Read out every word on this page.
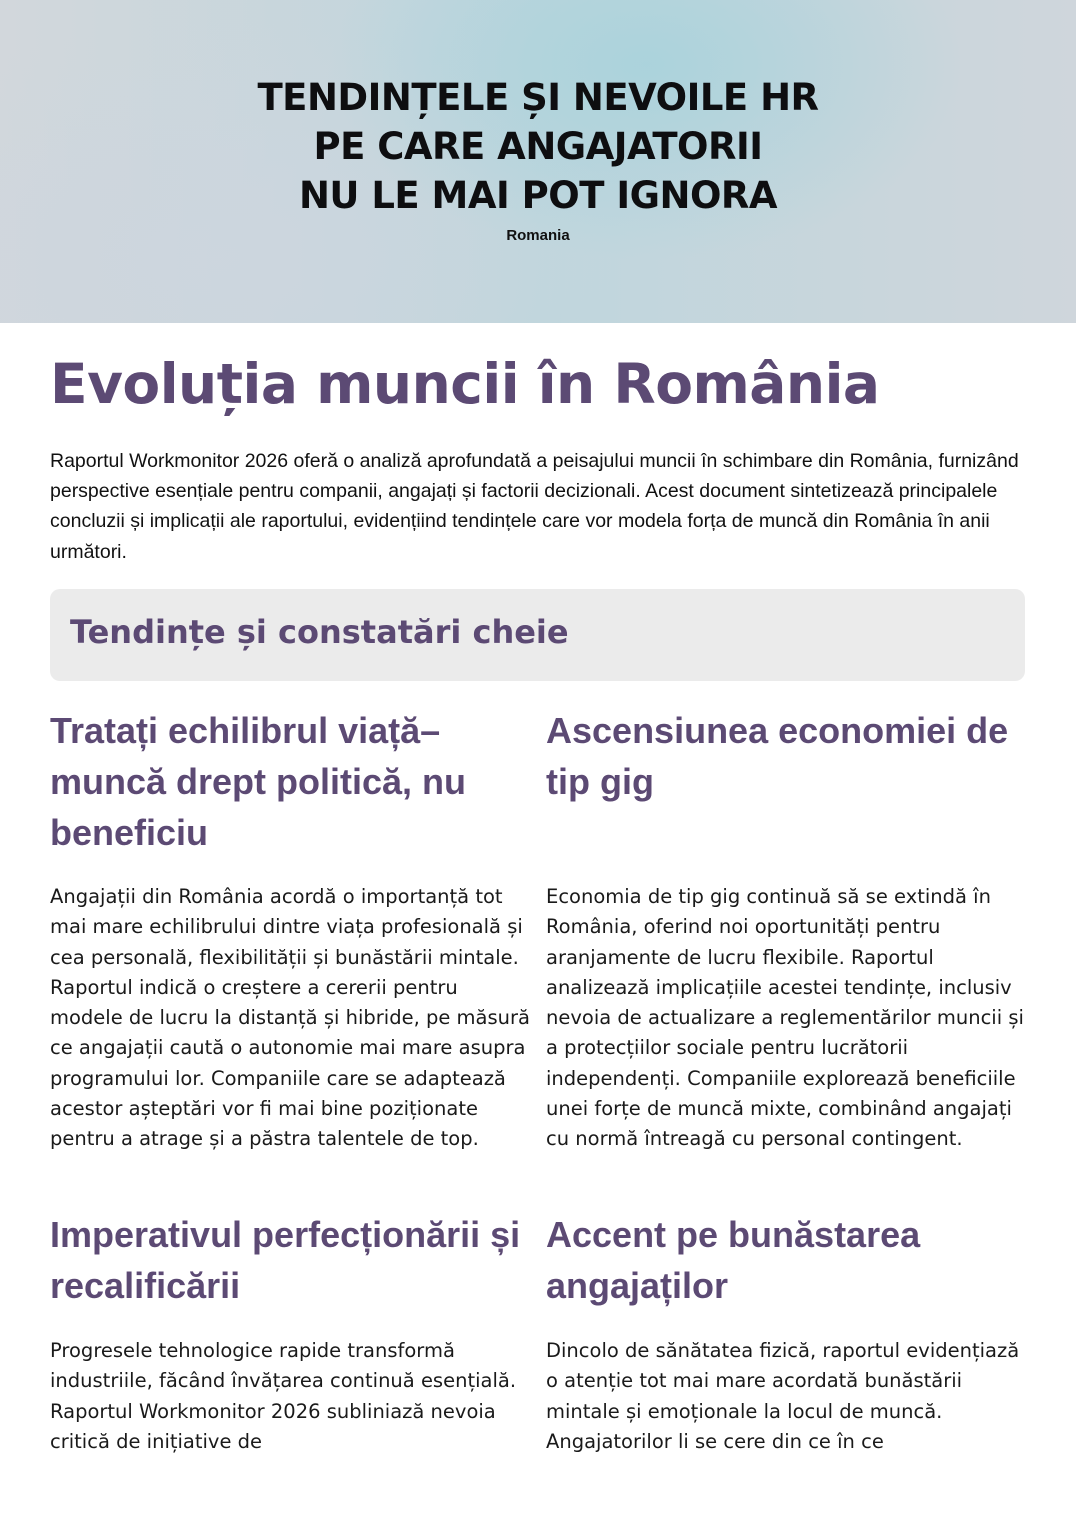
TENDINȚELE ȘI NEVOILE HR
PE CARE ANGAJATORII
NU LE MAI POT IGNORA
Romania
Evoluția muncii în România
Raportul Workmonitor 2026 oferă o analiză aprofundată a peisajului muncii în schimbare din România, furnizând perspective esențiale pentru companii, angajați și factorii decizionali. Acest document sintetizează principalele concluzii și implicații ale raportului, evidențiind tendințele care vor modela forța de muncă din România în anii următori.
Tendințe și constatări cheie
Tratați echilibrul viață–muncă drept politică, nu beneficiu

Angajații din România acordă o importanță tot mai mare echilibrului dintre viața profesională și cea personală, flexibilității și bunăstării mintale. Raportul indică o creștere a cererii pentru modele de lucru la distanță și hibride, pe măsură ce angajații caută o autonomie mai mare asupra programului lor. Companiile care se adaptează acestor așteptări vor fi mai bine poziționate pentru a atrage și a păstra talentele de top.

Ascensiunea economiei de tip gig

Economia de tip gig continuă să se extindă în România, oferind noi oportunități pentru aranjamente de lucru flexibile. Raportul analizează implicațiile acestei tendințe, inclusiv nevoia de actualizare a reglementărilor muncii și a protecțiilor sociale pentru lucrătorii independenți. Companiile explorează beneficiile unei forțe de muncă mixte, combinând angajați cu normă întreagă cu personal contingent.

Imperativul perfecționării și recalificării

Progresele tehnologice rapide transformă industriile, făcând învățarea continuă esențială. Raportul Workmonitor 2026 subliniază nevoia critică de inițiative de

Accent pe bunăstarea angajaților

Dincolo de sănătatea fizică, raportul evidențiază o atenție tot mai mare acordată bunăstării mintale și emoționale la locul de muncă. Angajatorilor li se cere din ce în ce
